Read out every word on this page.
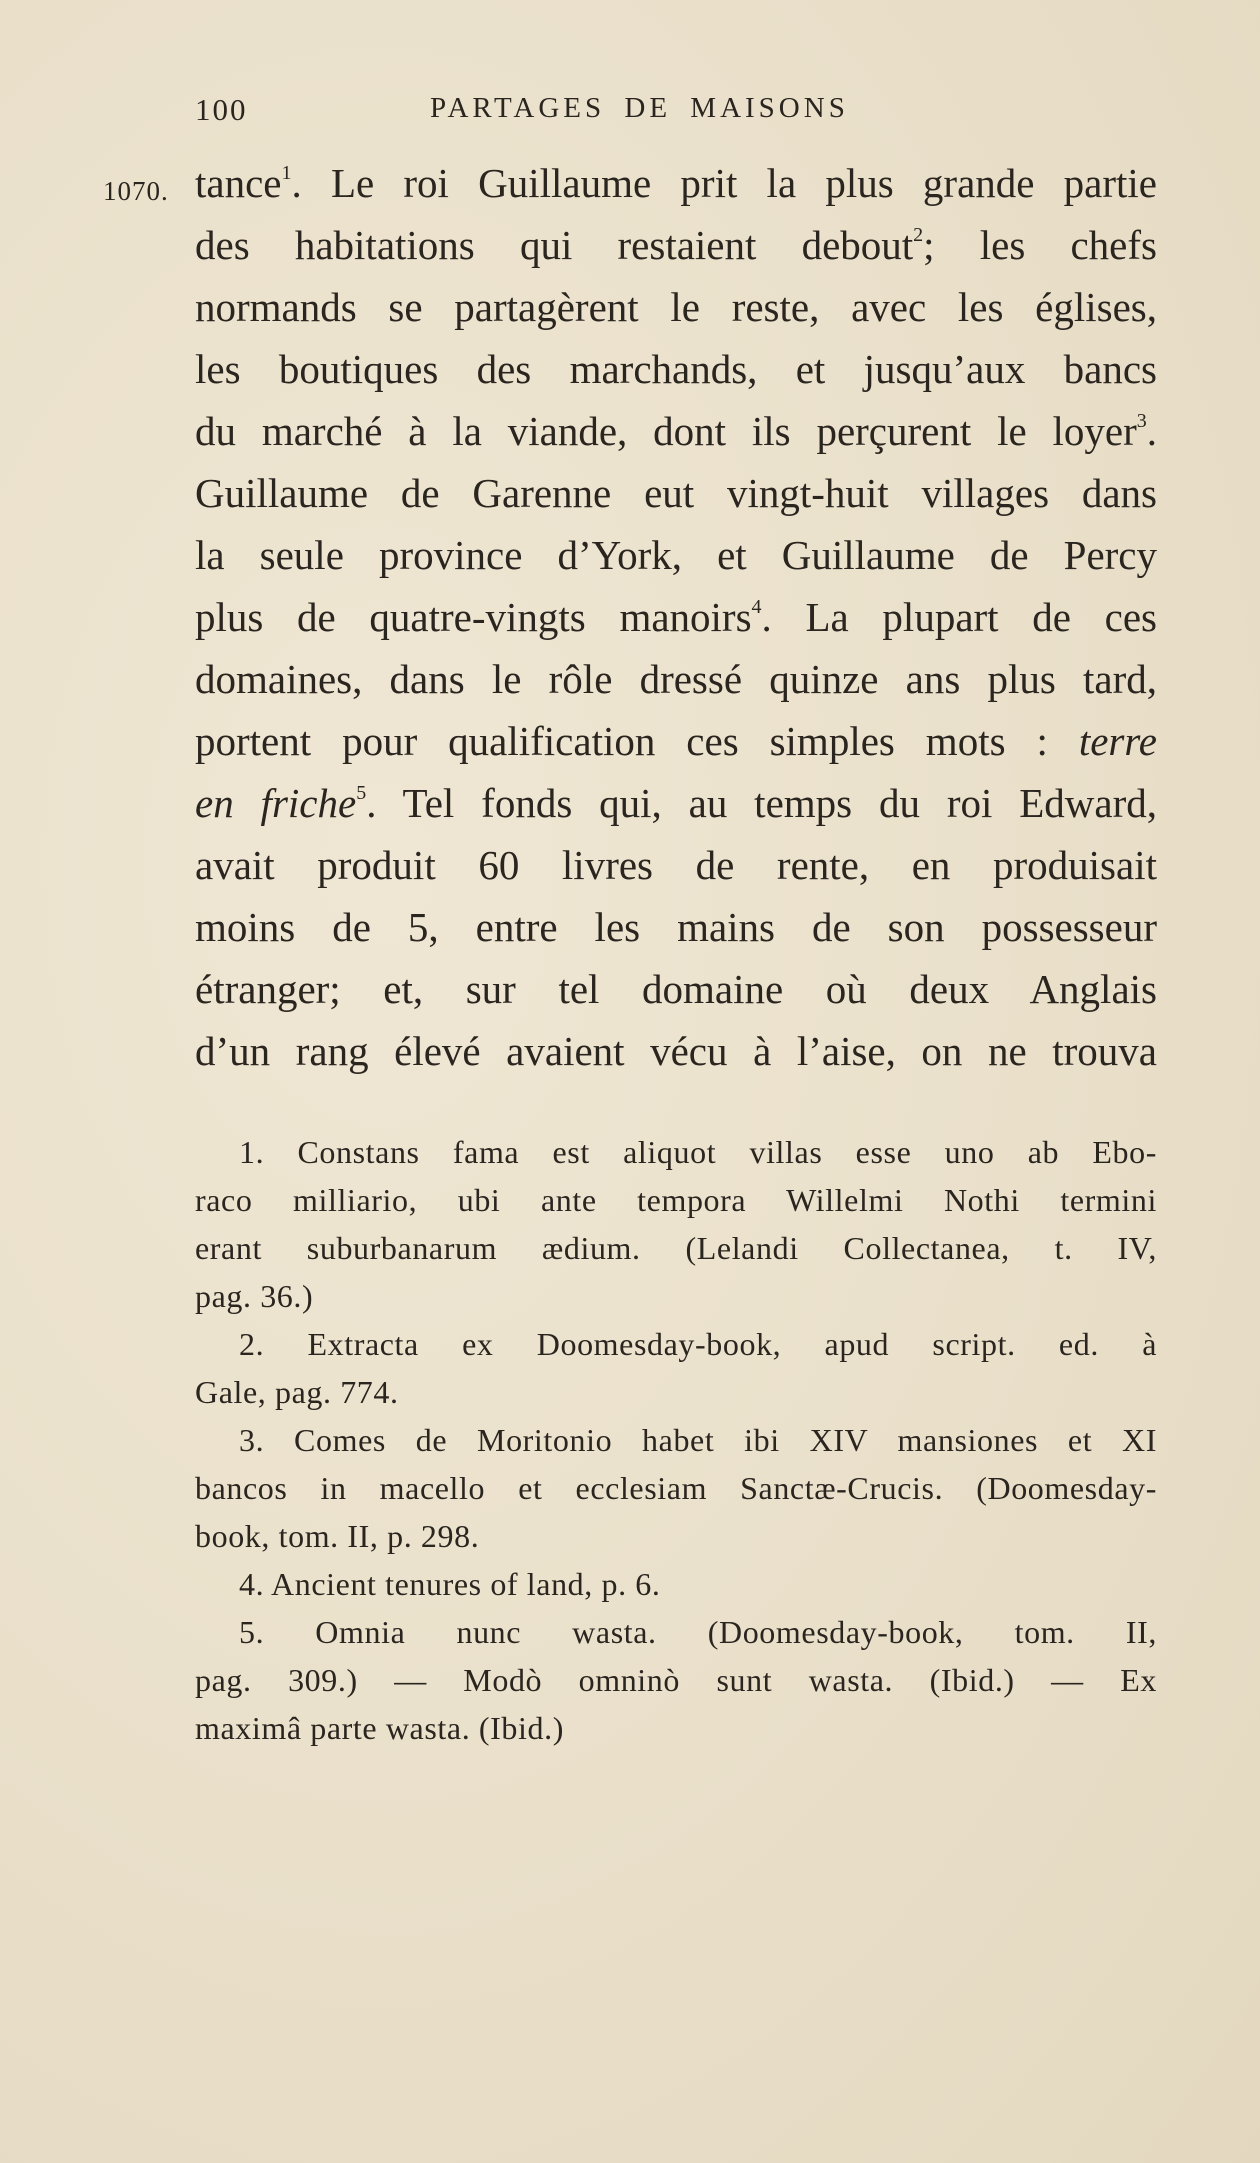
100	PARTAGES DE MAISONS
1070. tance$^1$. Le roi Guillaume prit la plus grande partie
des habitations qui restaient debout$^2$; les chefs
normands se partagèrent le reste, avec les églises,
les boutiques des marchands, et jusqu’aux bancs
du marché à la viande, dont ils perçurent le loyer$^3$.
Guillaume de Garenne eut vingt-huit villages dans
la seule province d’York, et Guillaume de Percy
plus de quatre-vingts manoirs$^4$. La plupart de ces
domaines, dans le rôle dressé quinze ans plus tard,
portent pour qualification ces simples mots : terre
en friche$^5$. Tel fonds qui, au temps du roi Edward,
avait produit 60 livres de rente, en produisait
moins de 5, entre les mains de son possesseur
étranger; et, sur tel domaine où deux Anglais
d’un rang élevé avaient vécu à l’aise, on ne trouva
1. Constans fama est aliquot villas esse uno ab Ebo-
raco milliario, ubi ante tempora Willelmi Nothi termini
erant suburbanarum ædium. (Lelandi Collectanea, t. IV,
pag. 36.)
2. Extracta ex Doomesday-book, apud script. ed. à
Gale, pag. 774.
3. Comes de Moritonio habet ibi XIV mansiones et XI
bancos in macello et ecclesiam Sanctæ-Crucis. (Doomesday-
book, tom. II, p. 298.
4. Ancient tenures of land, p. 6.
5. Omnia nunc wasta. (Doomesday-book, tom. II,
pag. 309.) — Modò omninò sunt wasta. (Ibid.) — Ex
maximâ parte wasta. (Ibid.)
